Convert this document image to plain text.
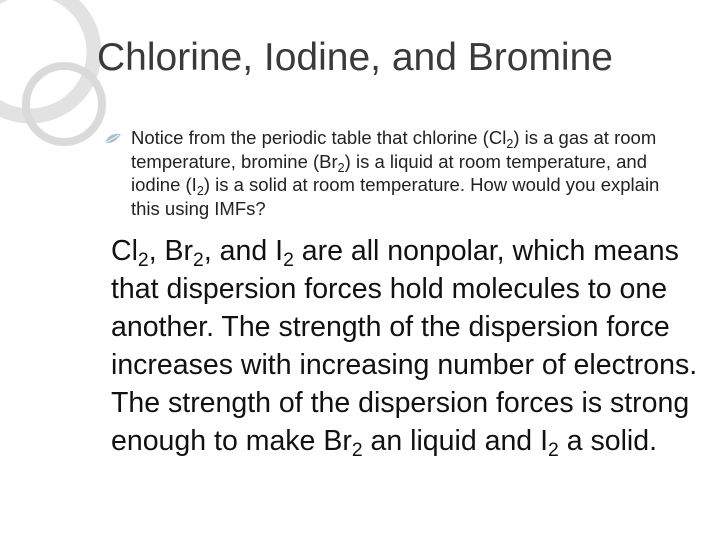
Chlorine, Iodine, and Bromine
Notice from the periodic table that chlorine $(Cl_2)$ is a gas at room temperature, bromine $(Br_2)$ is a liquid at room temperature, and iodine $(I_2)$ is a solid at room temperature. How would you explain this using IMFs?
$Cl_2$, $Br_2$, and $I_2$ are all nonpolar, which means that dispersion forces hold molecules to one another. The strength of the dispersion force increases with increasing number of electrons. The strength of the dispersion forces is strong enough to make $Br_2$ an liquid and $I_2$ a solid.
